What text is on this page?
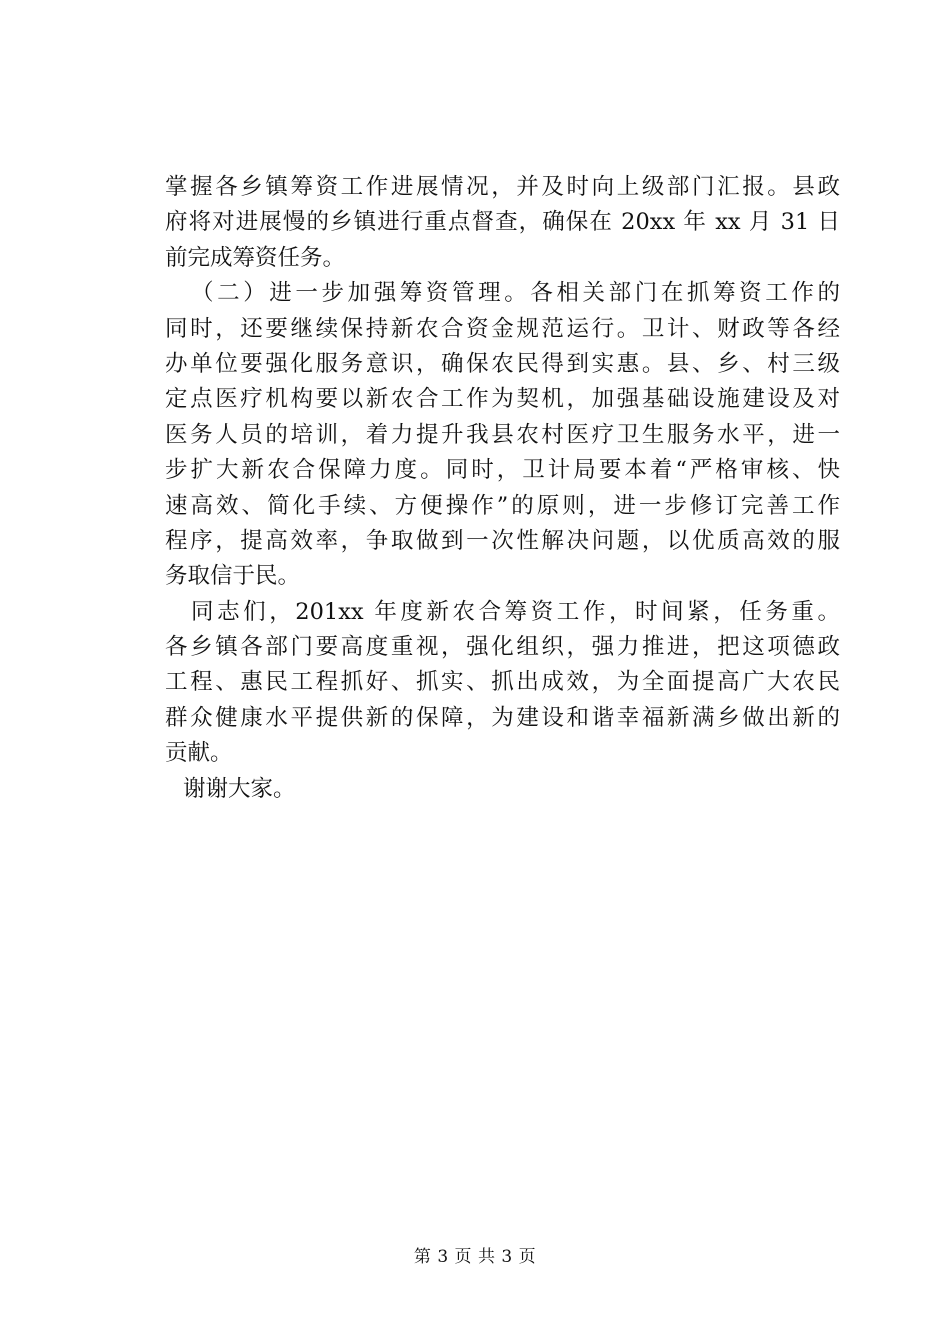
掌握各乡镇筹资工作进展情况，并及时向上级部门汇报。县政
府将对进展慢的乡镇进行重点督查，确保在 20xx 年 xx 月 31 日
前完成筹资任务。
（二）进一步加强筹资管理。各相关部门在抓筹资工作的
同时，还要继续保持新农合资金规范运行。卫计、财政等各经
办单位要强化服务意识，确保农民得到实惠。县、乡、村三级
定点医疗机构要以新农合工作为契机，加强基础设施建设及对
医务人员的培训，着力提升我县农村医疗卫生服务水平，进一
步扩大新农合保障力度。同时，卫计局要本着“严格审核、快
速高效、简化手续、方便操作”的原则，进一步修订完善工作
程序，提高效率，争取做到一次性解决问题，以优质高效的服
务取信于民。
同志们，201xx 年度新农合筹资工作，时间紧，任务重。
各乡镇各部门要高度重视，强化组织，强力推进，把这项德政
工程、惠民工程抓好、抓实、抓出成效，为全面提高广大农民
群众健康水平提供新的保障，为建设和谐幸福新满乡做出新的
贡献。
谢谢大家。
第 3 页 共 3 页
